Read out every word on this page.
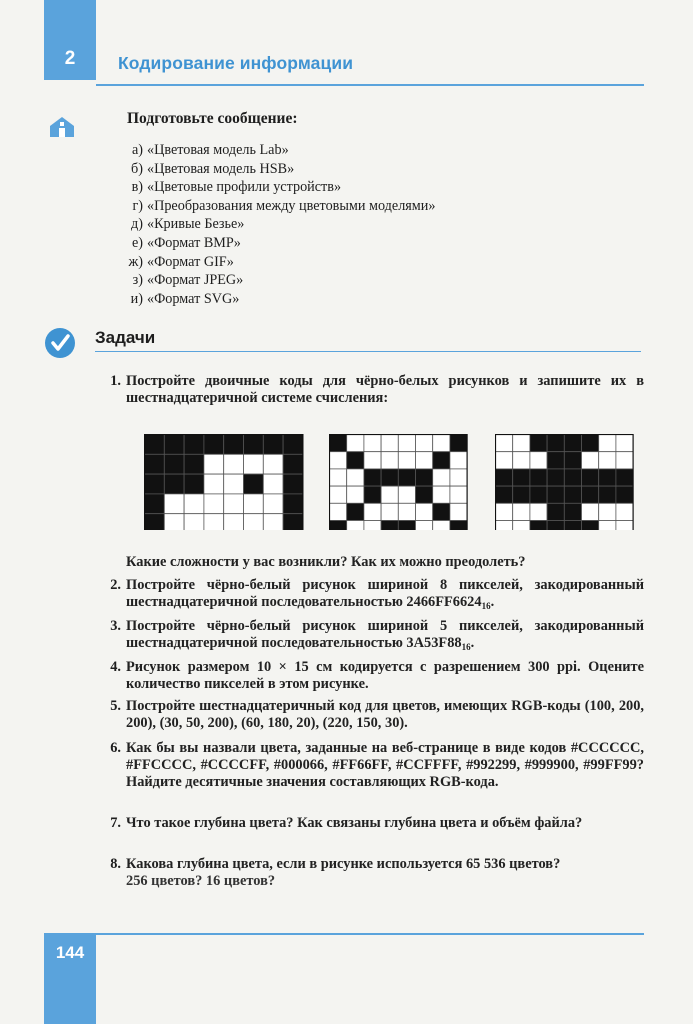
2	Кодирование информации
Подготовьте сообщение:
а) «Цветовая модель Lab»
б) «Цветовая модель HSB»
в) «Цветовые профили устройств»
г) «Преобразования между цветовыми моделями»
д) «Кривые Безье»
е) «Формат BMP»
ж) «Формат GIF»
з) «Формат JPEG»
и) «Формат SVG»
Задачи
1. Постройте двоичные коды для чёрно-белых рисунков и запишите их в шестнадцатеричной системе счисления:
Какие сложности у вас возникли? Как их можно преодолеть?
2. Постройте чёрно-белый рисунок шириной 8 пикселей, закодированный шестнадцатеричной последовательностью $2466FF6624_{16}$.
3. Постройте чёрно-белый рисунок шириной 5 пикселей, закодированный шестнадцатеричной последовательностью $3A53F88_{16}$.
4. Рисунок размером 10 × 15 см кодируется с разрешением 300 ppi. Оцените количество пикселей в этом рисунке.
5. Постройте шестнадцатеричный код для цветов, имеющих RGB-коды (100, 200, 200), (30, 50, 200), (60, 180, 20), (220, 150, 30).
6. Как бы вы назвали цвета, заданные на веб-странице в виде кодов #CCCCCC, #FFCCCC, #CCCCFF, #000066, #FF66FF, #CCFFFF, #992299, #999900, #99FF99? Найдите десятичные значения составляющих RGB-кода.
7. Что такое глубина цвета? Как связаны глубина цвета и объём файла?
8. Какова глубина цвета, если в рисунке используется 65 536 цветов?
256 цветов? 16 цветов?
144
